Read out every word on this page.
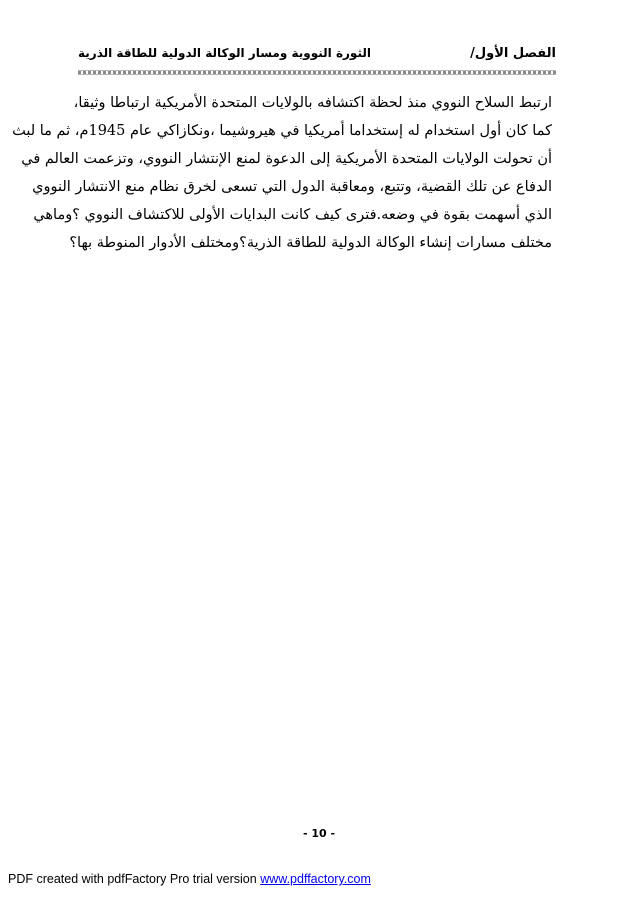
الفصل الأول/
الثورة النووية ومسار الوكالة الدولية للطاقة الذرية
ارتبط السلاح النووي منذ لحظة اكتشافه بالولايات المتحدة الأمريكية ارتباطا وثيقا،
كما كان أول استخدام له إستخداما أمريكيا في هيروشيما ،ونكازاكي عام 1945م، ثم ما لبث
أن تحولت الولايات المتحدة الأمريكية إلى الدعوة لمنع الإنتشار النووي، وتزعمت العالم في
الدفاع عن تلك القضية، وتتبع، ومعاقبة الدول التي تسعى لخرق نظام منع الانتشار النووي
الذي أسهمت بقوة في وضعه.فترى كيف كانت البدايات الأولى للاكتشاف النووي ؟وماهي
مختلف مسارات إنشاء الوكالة الدولية للطاقة الذرية؟ومختلف الأدوار المنوطة بها؟
- 10 -
PDF created with pdfFactory Pro trial version www.pdffactory.com
